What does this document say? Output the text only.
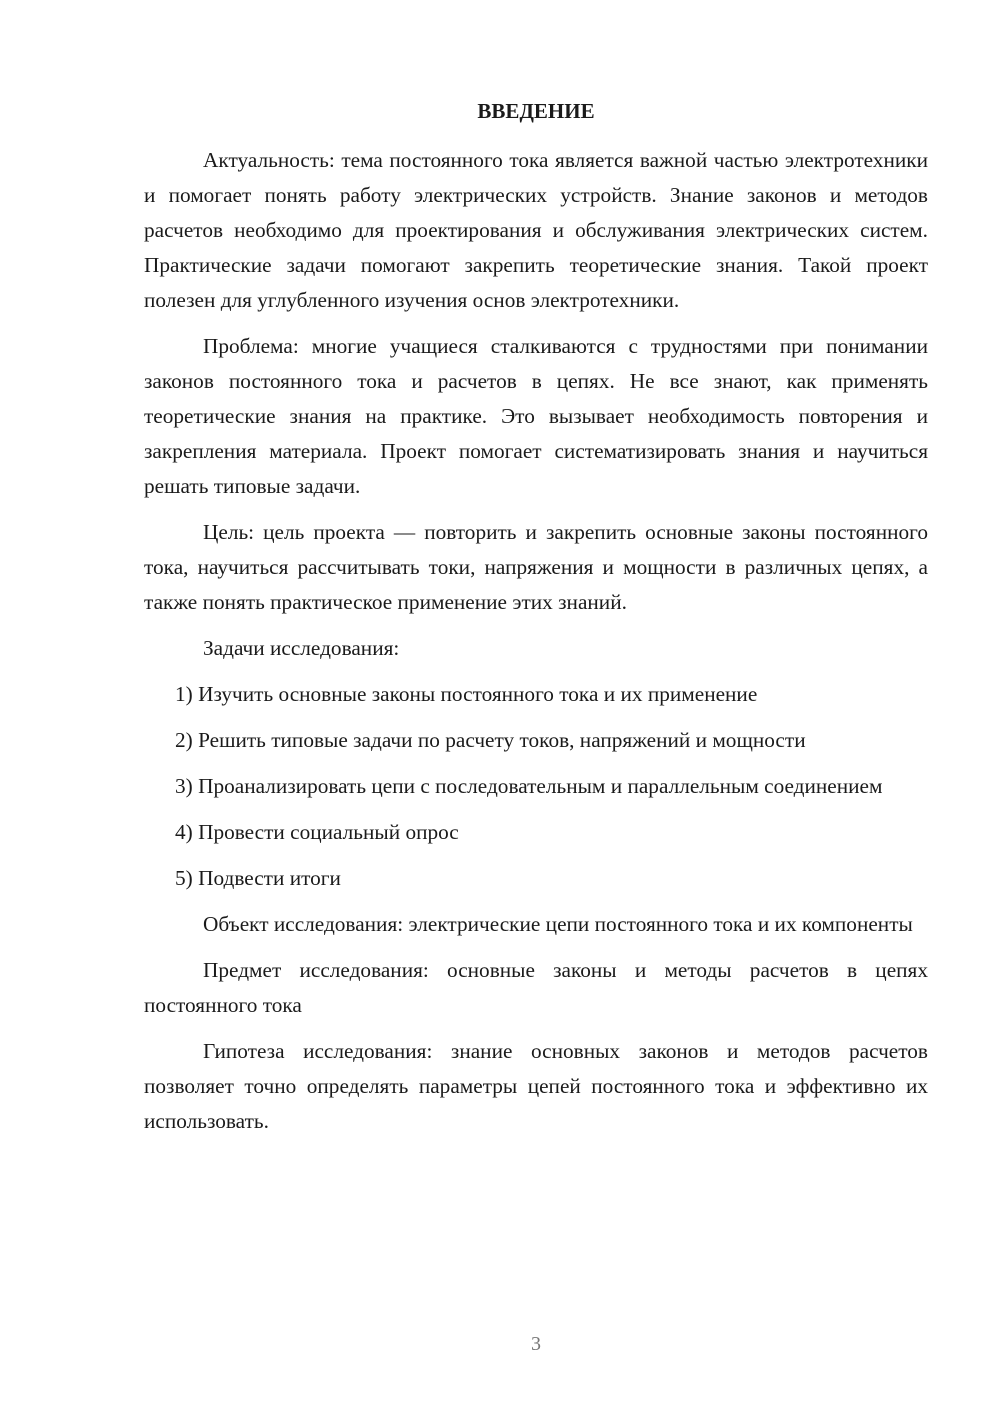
ВВЕДЕНИЕ

Актуальность: тема постоянного тока является важной частью электротехники и помогает понять работу электрических устройств. Знание законов и методов расчетов необходимо для проектирования и обслуживания электрических систем. Практические задачи помогают закрепить теоретические знания. Такой проект полезен для углубленного изучения основ электротехники.

Проблема: многие учащиеся сталкиваются с трудностями при понимании законов постоянного тока и расчетов в цепях. Не все знают, как применять теоретические знания на практике. Это вызывает необходимость повторения и закрепления материала. Проект помогает систематизировать знания и научиться решать типовые задачи.

Цель: цель проекта — повторить и закрепить основные законы постоянного тока, научиться рассчитывать токи, напряжения и мощности в различных цепях, а также понять практическое применение этих знаний.

Задачи исследования:

1) Изучить основные законы постоянного тока и их применение

2) Решить типовые задачи по расчету токов, напряжений и мощности

3) Проанализировать цепи с последовательным и параллельным соединением

4) Провести социальный опрос

5) Подвести итоги

Объект исследования: электрические цепи постоянного тока и их компоненты

Предмет исследования: основные законы и методы расчетов в цепях постоянного тока

Гипотеза исследования: знание основных законов и методов расчетов позволяет точно определять параметры цепей постоянного тока и эффективно их использовать.

3
